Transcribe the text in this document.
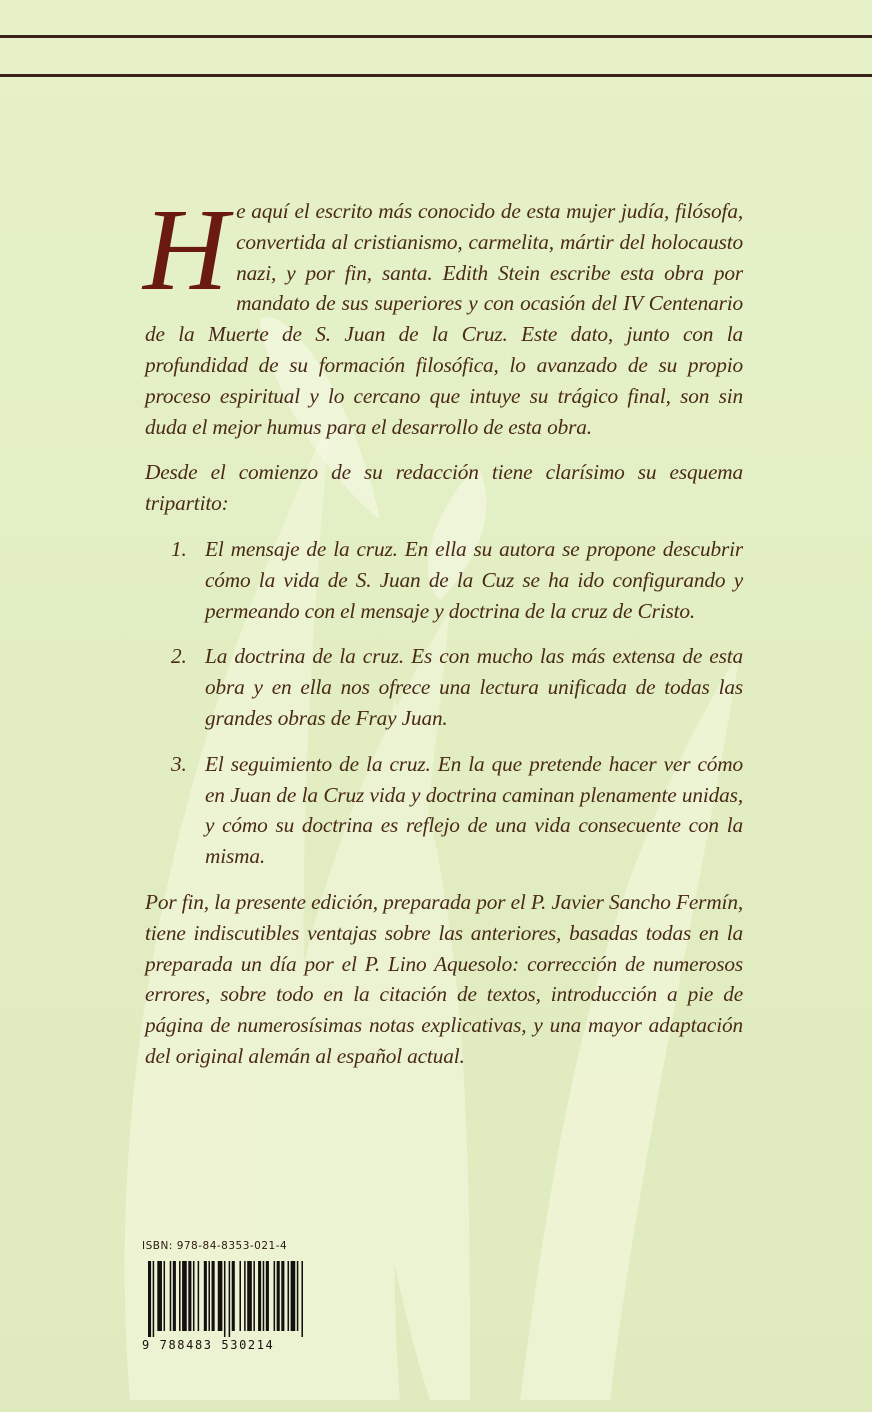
He aquí el escrito más conocido de esta mujer judía, filósofa, convertida al cristianismo, carmelita, mártir del holocausto nazi, y por fin, santa. Edith Stein escribe esta obra por mandato de sus superiores y con ocasión del IV Centenario de la Muerte de S. Juan de la Cruz. Este dato, junto con la profundidad de su formación filosófica, lo avanzado de su propio proceso espiritual y lo cercano que intuye su trágico final, son sin duda el mejor humus para el desarrollo de esta obra.

Desde el comienzo de su redacción tiene clarísimo su esquema tripartito:

1. El mensaje de la cruz. En ella su autora se propone descubrir cómo la vida de S. Juan de la Cuz se ha ido configurando y permeando con el mensaje y doctrina de la cruz de Cristo.
2. La doctrina de la cruz. Es con mucho las más extensa de esta obra y en ella nos ofrece una lectura unificada de todas las grandes obras de Fray Juan.
3. El seguimiento de la cruz. En la que pretende hacer ver cómo en Juan de la Cruz vida y doctrina caminan plenamente unidas, y cómo su doctrina es reflejo de una vida consecuente con la misma.

Por fin, la presente edición, preparada por el P. Javier Sancho Fermín, tiene indiscutibles ventajas sobre las anteriores, basadas todas en la preparada un día por el P. Lino Aquesolo: corrección de numerosos errores, sobre todo en la citación de textos, introducción a pie de página de numerosísimas notas explicativas, y una mayor adaptación del original alemán al español actual.

ISBN: 978-84-8353-021-4
9 788483 530214
